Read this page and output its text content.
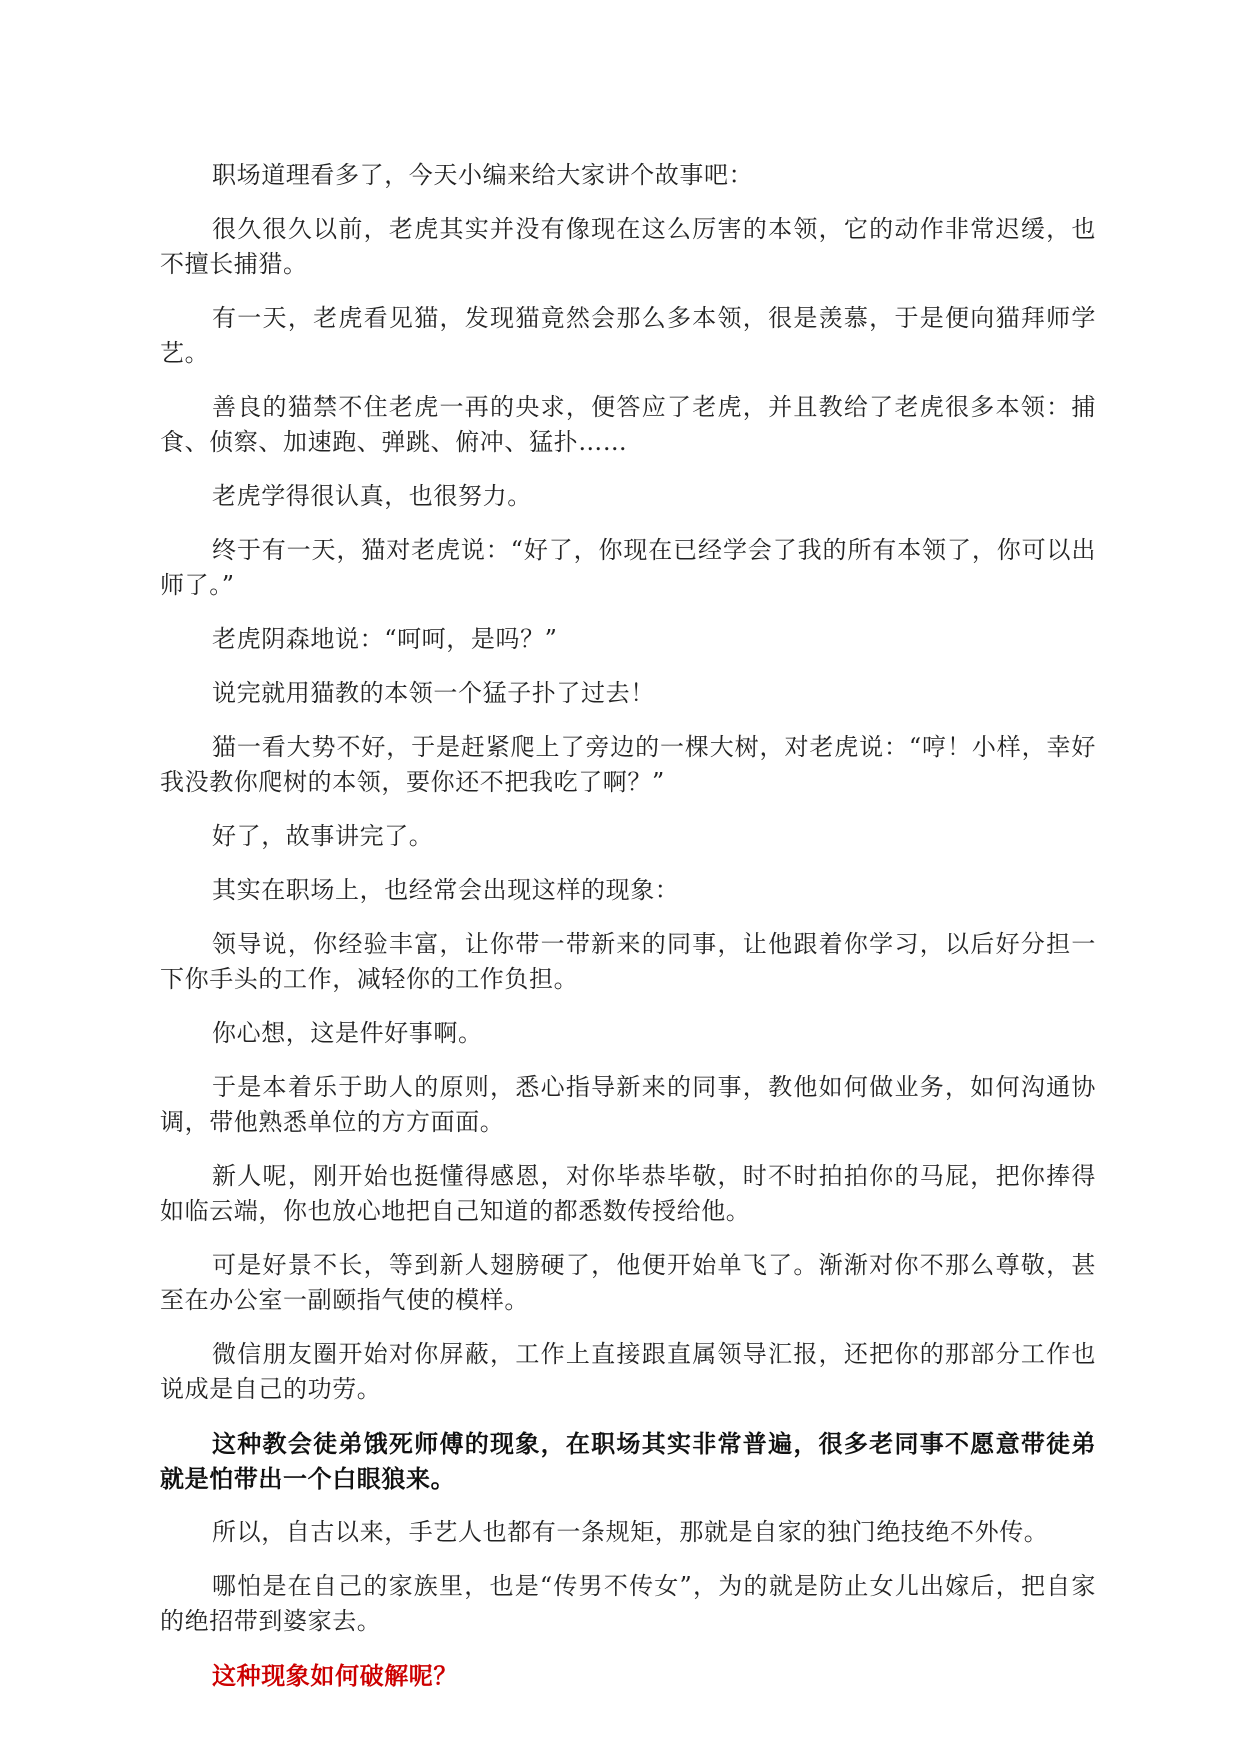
职场道理看多了，今天小编来给大家讲个故事吧：

很久很久以前，老虎其实并没有像现在这么厉害的本领，它的动作非常迟缓，也不擅长捕猎。

有一天，老虎看见猫，发现猫竟然会那么多本领，很是羡慕，于是便向猫拜师学艺。

善良的猫禁不住老虎一再的央求，便答应了老虎，并且教给了老虎很多本领：捕食、侦察、加速跑、弹跳、俯冲、猛扑……

老虎学得很认真，也很努力。

终于有一天，猫对老虎说：“好了，你现在已经学会了我的所有本领了，你可以出师了。”

老虎阴森地说：“呵呵，是吗？”

说完就用猫教的本领一个猛子扑了过去！

猫一看大势不好，于是赶紧爬上了旁边的一棵大树，对老虎说：“哼！小样，幸好我没教你爬树的本领，要你还不把我吃了啊？”

好了，故事讲完了。

其实在职场上，也经常会出现这样的现象：

领导说，你经验丰富，让你带一带新来的同事，让他跟着你学习，以后好分担一下你手头的工作，减轻你的工作负担。

你心想，这是件好事啊。

于是本着乐于助人的原则，悉心指导新来的同事，教他如何做业务，如何沟通协调，带他熟悉单位的方方面面。

新人呢，刚开始也挺懂得感恩，对你毕恭毕敬，时不时拍拍你的马屁，把你捧得如临云端，你也放心地把自己知道的都悉数传授给他。

可是好景不长，等到新人翅膀硬了，他便开始单飞了。渐渐对你不那么尊敬，甚至在办公室一副颐指气使的模样。

微信朋友圈开始对你屏蔽，工作上直接跟直属领导汇报，还把你的那部分工作也说成是自己的功劳。

这种教会徒弟饿死师傅的现象，在职场其实非常普遍，很多老同事不愿意带徒弟就是怕带出一个白眼狼来。

所以，自古以来，手艺人也都有一条规矩，那就是自家的独门绝技绝不外传。

哪怕是在自己的家族里，也是“传男不传女”，为的就是防止女儿出嫁后，把自家的绝招带到婆家去。

这种现象如何破解呢？
